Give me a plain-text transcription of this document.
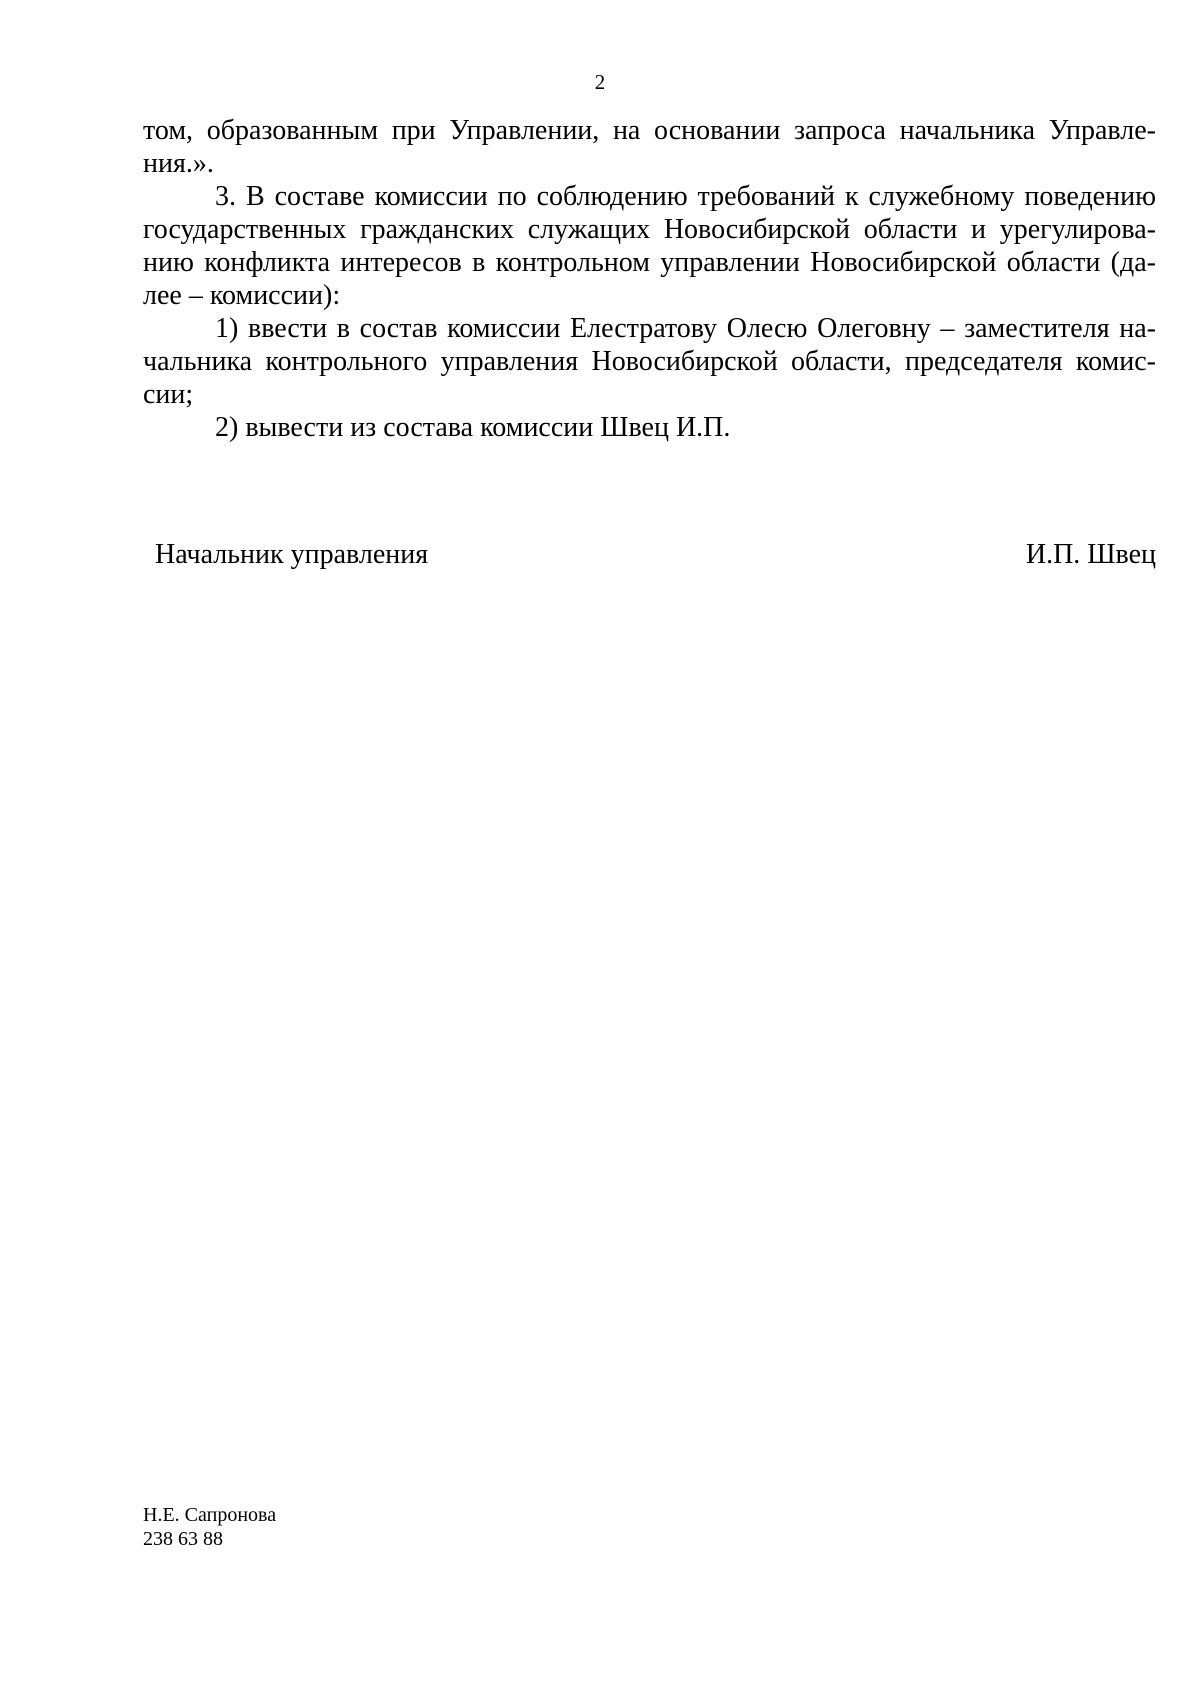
2

том, образованным при Управлении, на основании запроса начальника Управле-ния.».

3. В составе комиссии по соблюдению требований к служебному поведению государственных гражданских служащих Новосибирской области и урегулирова-нию конфликта интересов в контрольном управлении Новосибирской области (да-лее – комиссии):

1) ввести в состав комиссии Елестратову Олесю Олеговну – заместителя на-чальника контрольного управления Новосибирской области, председателя комис-сии;

2) вывести из состава комиссии Швец И.П.

Начальник управления	И.П. Швец
Н.Е. Сапронова
238 63 88
